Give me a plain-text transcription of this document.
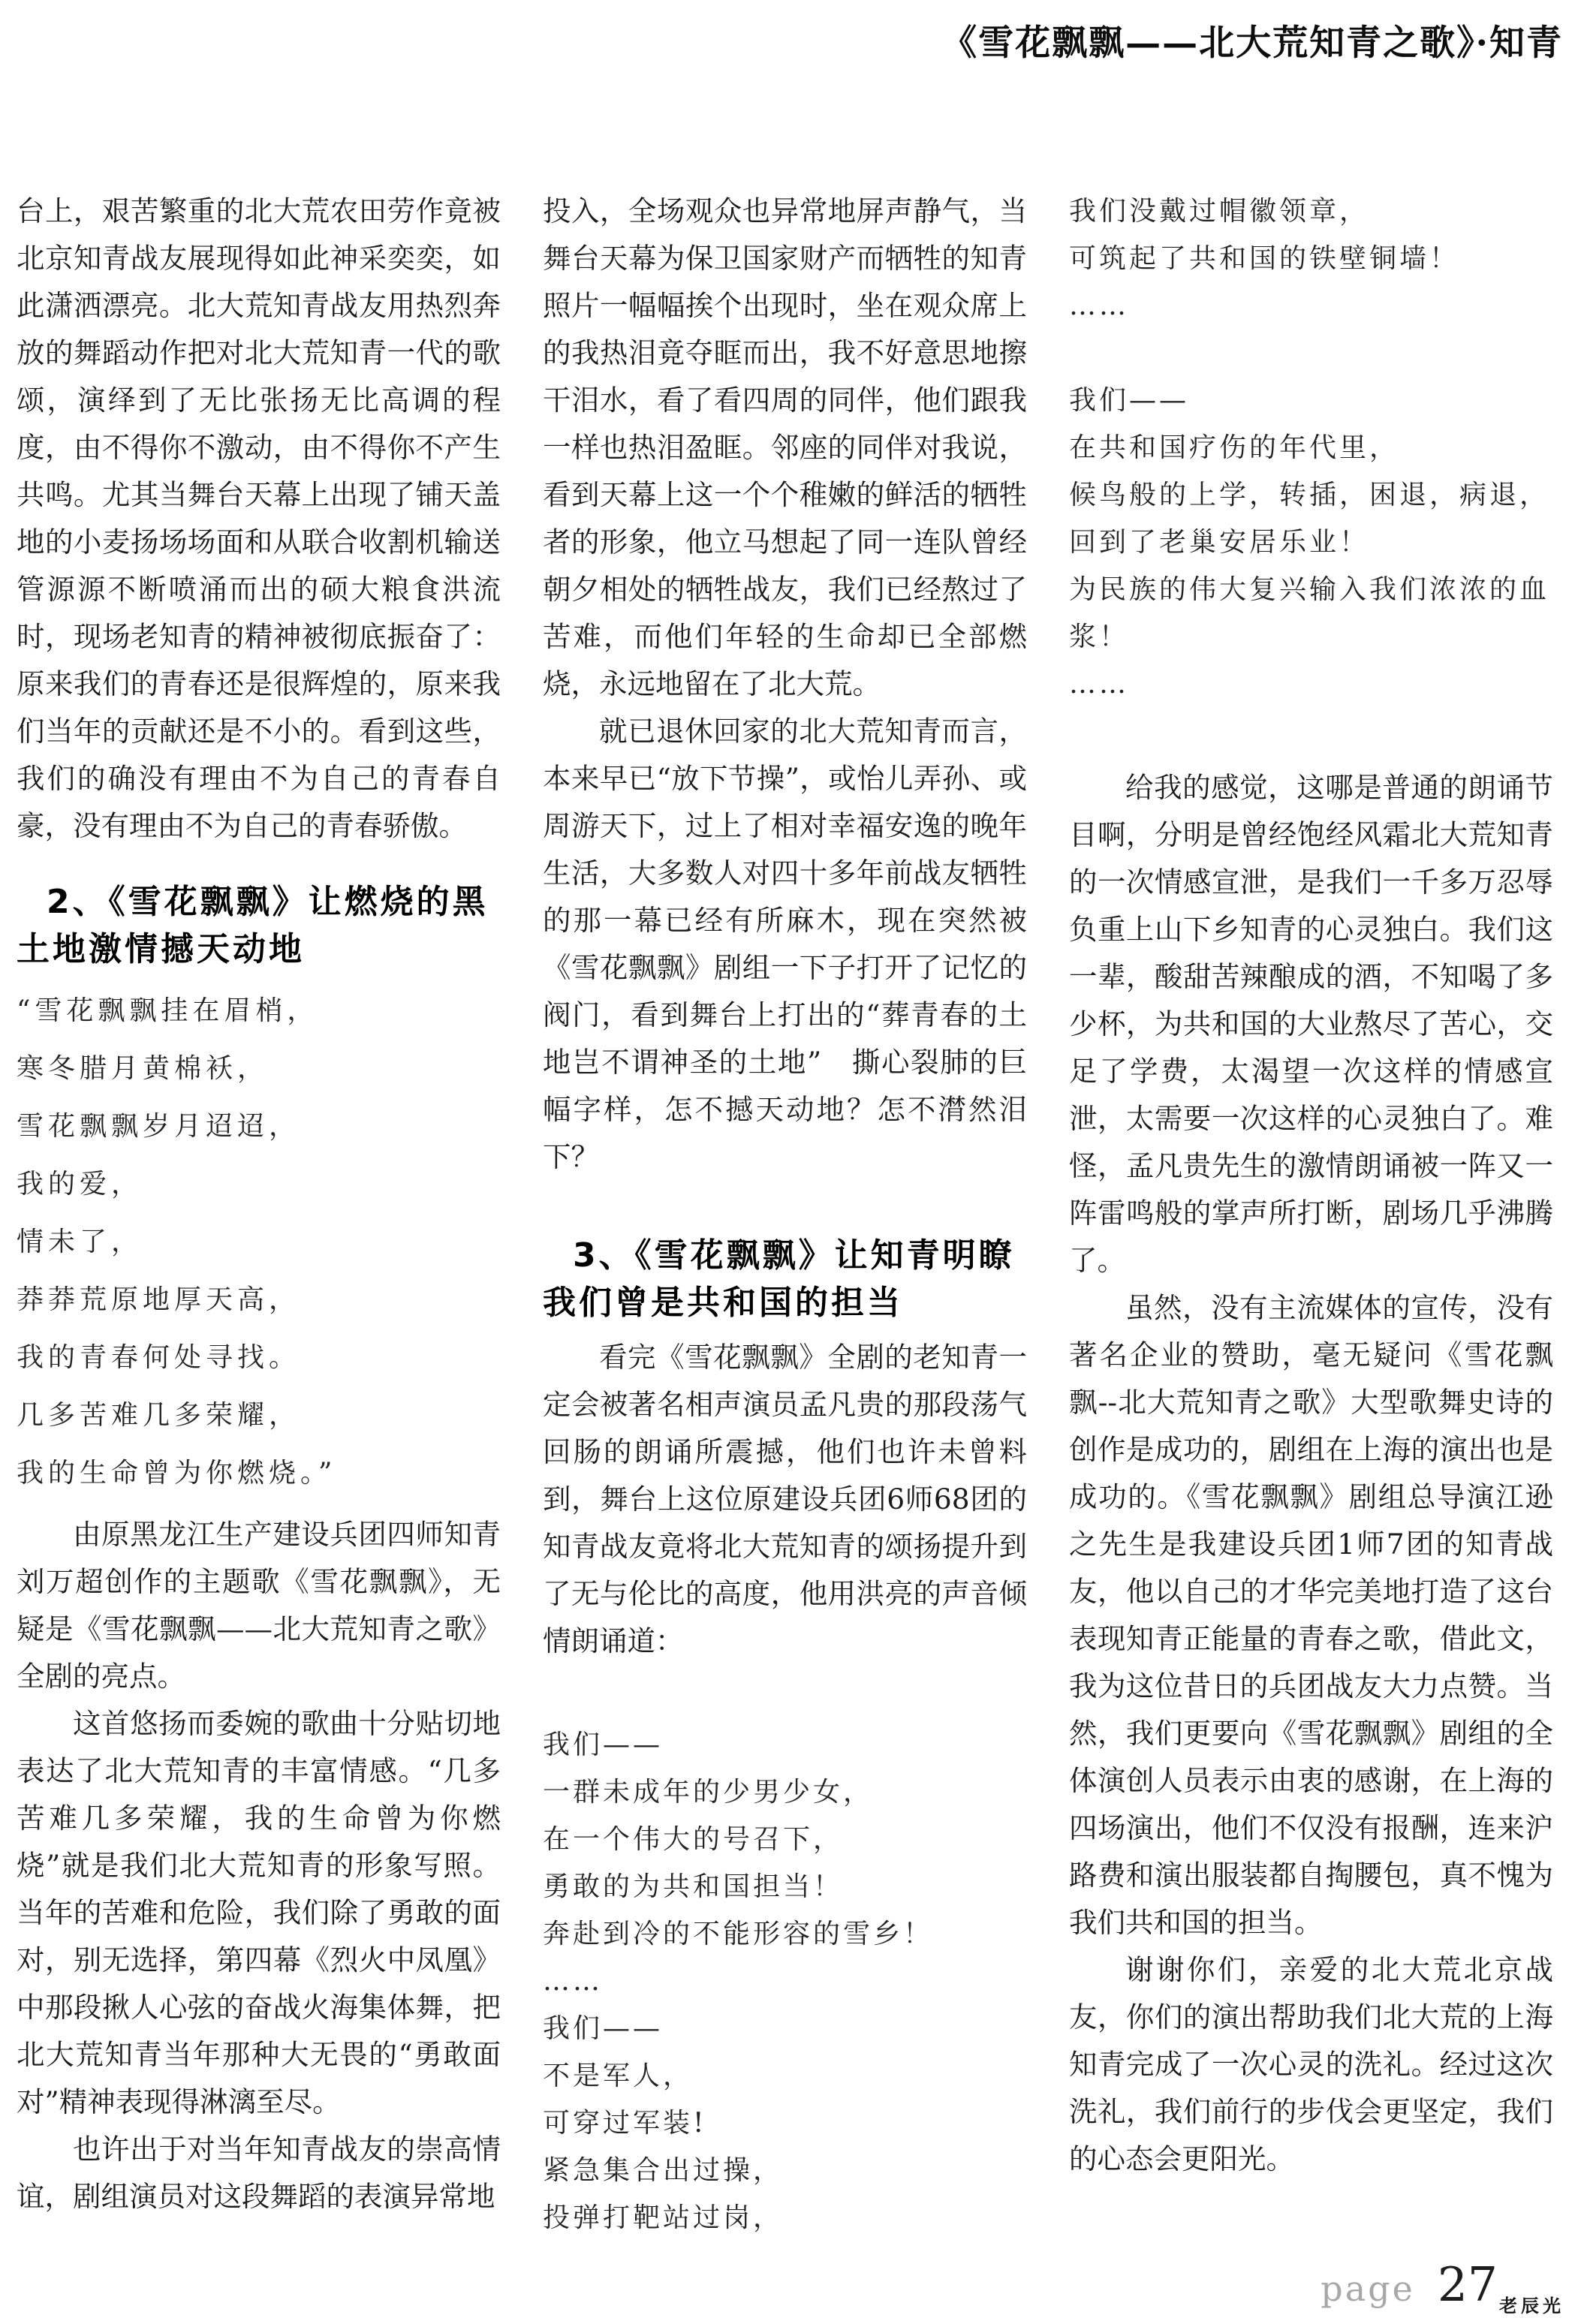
《雪花飘飘——北大荒知青之歌》·知青

台上，艰苦繁重的北大荒农田劳作竟被北京知青战友展现得如此神采奕奕，如此潇洒漂亮。北大荒知青战友用热烈奔放的舞蹈动作把对北大荒知青一代的歌颂，演绎到了无比张扬无比高调的程度，由不得你不激动，由不得你不产生共鸣。尤其当舞台天幕上出现了铺天盖地的小麦扬场场面和从联合收割机输送管源源不断喷涌而出的硕大粮食洪流时，现场老知青的精神被彻底振奋了：原来我们的青春还是很辉煌的，原来我们当年的贡献还是不小的。看到这些，我们的确没有理由不为自己的青春自豪，没有理由不为自己的青春骄傲。

2、《雪花飘飘》让燃烧的黑土地激情撼天动地
“雪花飘飘挂在眉梢，
寒冬腊月黄棉袄，
雪花飘飘岁月迢迢，
我的爱，
情未了，
莽莽荒原地厚天高，
我的青春何处寻找。
几多苦难几多荣耀，
我的生命曾为你燃烧。”

由原黑龙江生产建设兵团四师知青刘万超创作的主题歌《雪花飘飘》，无疑是《雪花飘飘——北大荒知青之歌》全剧的亮点。

这首悠扬而委婉的歌曲十分贴切地表达了北大荒知青的丰富情感。“几多苦难几多荣耀，我的生命曾为你燃烧”就是我们北大荒知青的形象写照。当年的苦难和危险，我们除了勇敢的面对，别无选择，第四幕《烈火中凤凰》中那段揪人心弦的奋战火海集体舞，把北大荒知青当年那种大无畏的“勇敢面对”精神表现得淋漓至尽。

也许出于对当年知青战友的崇高情谊，剧组演员对这段舞蹈的表演异常地

投入，全场观众也异常地屏声静气，当舞台天幕为保卫国家财产而牺牲的知青照片一幅幅挨个出现时，坐在观众席上的我热泪竟夺眶而出，我不好意思地擦干泪水，看了看四周的同伴，他们跟我一样也热泪盈眶。邻座的同伴对我说，看到天幕上这一个个稚嫩的鲜活的牺牲者的形象，他立马想起了同一连队曾经朝夕相处的牺牲战友，我们已经熬过了苦难，而他们年轻的生命却已全部燃烧，永远地留在了北大荒。

就已退休回家的北大荒知青而言，本来早已“放下节操”，或怡儿弄孙、或周游天下，过上了相对幸福安逸的晚年生活，大多数人对四十多年前战友牺牲的那一幕已经有所麻木，现在突然被《雪花飘飘》剧组一下子打开了记忆的阀门，看到舞台上打出的“葬青春的土地岂不谓神圣的土地”　撕心裂肺的巨幅字样，怎不撼天动地？怎不潸然泪下？

3、《雪花飘飘》让知青明瞭我们曾是共和国的担当

看完《雪花飘飘》全剧的老知青一定会被著名相声演员孟凡贵的那段荡气回肠的朗诵所震撼，他们也许未曾料到，舞台上这位原建设兵团6师68团的知青战友竟将北大荒知青的颂扬提升到了无与伦比的高度，他用洪亮的声音倾情朗诵道：

我们——
一群未成年的少男少女，
在一个伟大的号召下，
勇敢的为共和国担当！
奔赴到冷的不能形容的雪乡！
……
我们——
不是军人，
可穿过军装!
紧急集合出过操，
投弹打靶站过岗，
我们没戴过帽徽领章，
可筑起了共和国的铁壁铜墙！
……

我们——
在共和国疗伤的年代里，
候鸟般的上学，转插，困退，病退，
回到了老巢安居乐业！
为民族的伟大复兴输入我们浓浓的血浆！
……

给我的感觉，这哪是普通的朗诵节目啊，分明是曾经饱经风霜北大荒知青的一次情感宣泄，是我们一千多万忍辱负重上山下乡知青的心灵独白。我们这一辈，酸甜苦辣酿成的酒，不知喝了多少杯，为共和国的大业熬尽了苦心，交足了学费，太渴望一次这样的情感宣泄，太需要一次这样的心灵独白了。难怪，孟凡贵先生的激情朗诵被一阵又一阵雷鸣般的掌声所打断，剧场几乎沸腾了。

虽然，没有主流媒体的宣传，没有著名企业的赞助，毫无疑问《雪花飘飘--北大荒知青之歌》大型歌舞史诗的创作是成功的，剧组在上海的演出也是成功的。《雪花飘飘》剧组总导演江逊之先生是我建设兵团1师7团的知青战友，他以自己的才华完美地打造了这台表现知青正能量的青春之歌，借此文，我为这位昔日的兵团战友大力点赞。当然，我们更要向《雪花飘飘》剧组的全体演创人员表示由衷的感谢，在上海的四场演出，他们不仅没有报酬，连来沪路费和演出服装都自掏腰包，真不愧为我们共和国的担当。

谢谢你们，亲爱的北大荒北京战友，你们的演出帮助我们北大荒的上海知青完成了一次心灵的洗礼。经过这次洗礼，我们前行的步伐会更坚定，我们的心态会更阳光。

page 27 老辰光
